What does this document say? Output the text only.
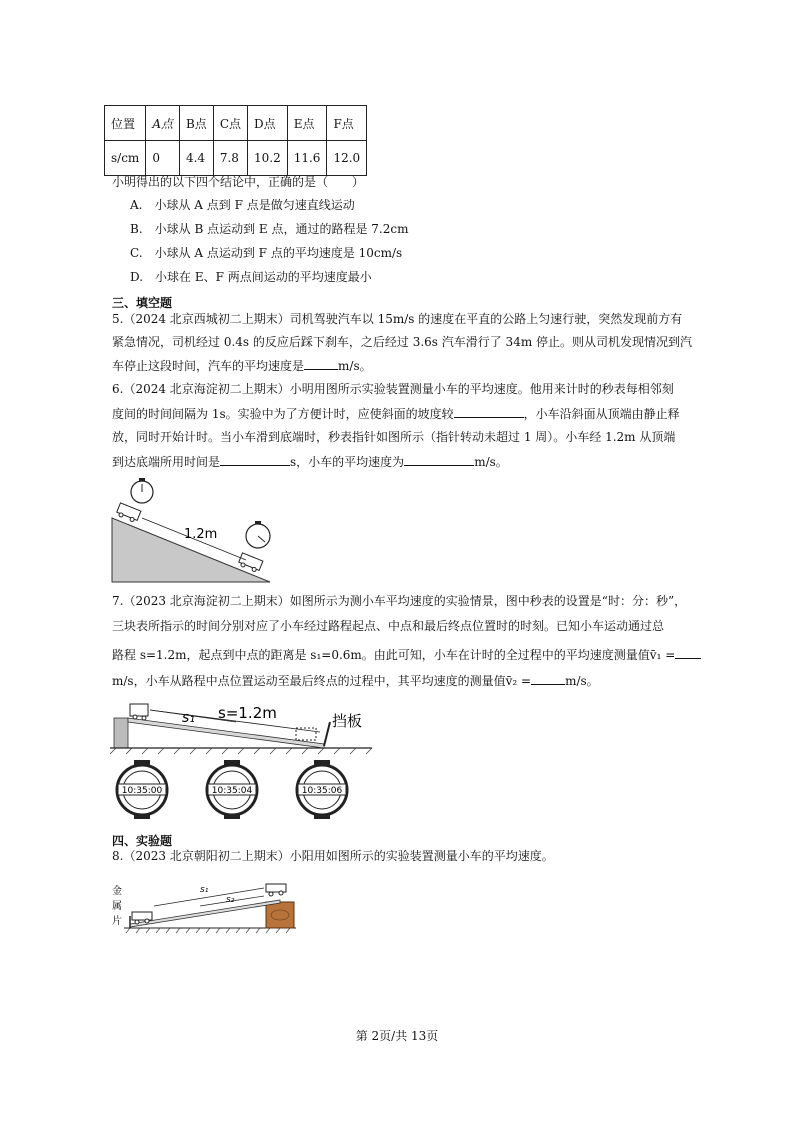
位置	A点	B点	C点	D点	E点	F点
s/cm	0	4.4	7.8	10.2	11.6	12.0
小明得出的以下四个结论中，正确的是（　　）
A.　小球从 A 点到 F 点是做匀速直线运动
B.　小球从 B 点运动到 E 点，通过的路程是 7.2cm
C.　小球从 A 点运动到 F 点的平均速度是 10cm/s
D.　小球在 E、F 两点间运动的平均速度最小
三、填空题
5.（2024 北京西城初二上期末）司机驾驶汽车以 15m/s 的速度在平直的公路上匀速行驶，突然发现前方有
紧急情况，司机经过 0.4s 的反应后踩下刹车，之后经过 3.6s 汽车滑行了 34m 停止。则从司机发现情况到汽
车停止这段时间，汽车的平均速度是	m/s。
6.（2024 北京海淀初二上期末）小明用图所示实验装置测量小车的平均速度。他用来计时的秒表每相邻刻
度间的时间间隔为 1s。实验中为了方便计时，应使斜面的坡度较	，小车沿斜面从顶端由静止释
放，同时开始计时。当小车滑到底端时，秒表指针如图所示（指针转动未超过 1 周）。小车经 1.2m 从顶端
到达底端所用时间是	s，小车的平均速度为	m/s。
1.2m
7.（2023 北京海淀初二上期末）如图所示为测小车平均速度的实验情景，图中秒表的设置是“时：分：秒”，
三块表所指示的时间分别对应了小车经过路程起点、中点和最后终点位置时的时刻。已知小车运动通过总
路程 s=1.2m，起点到中点的距离是 s₁=0.6m。由此可知，小车在计时的全过程中的平均速度测量值v̄₁ =
m/s，小车从路程中点位置运动至最后终点的过程中，其平均速度的测量值v̄₂ =	m/s。
s₁ s=1.2m	挡板
10:35:00	10:35:04	10:35:06
四、实验题
8.（2023 北京朝阳初二上期末）小阳用如图所示的实验装置测量小车的平均速度。
金
属
片
s₁
s₂
第 2页/共 13页
